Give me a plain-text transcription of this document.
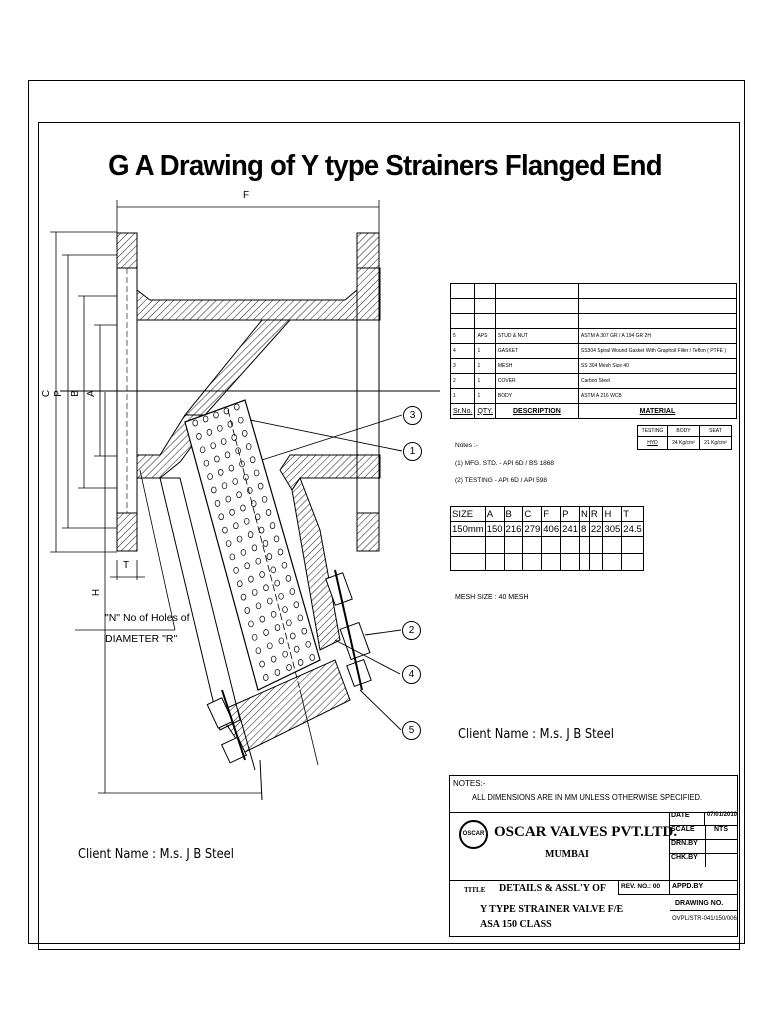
G A Drawing of Y type Strainers Flanged End
F
C P B A
H
T
"N" No of Holes of
DIAMETER "R"
3
1
2
4
5

5	APS	STUD & NUT	ASTM A 307 GR / A 194 GR 2H
4	1	GASKET	SS304 Spiral Wound Gasket With Graphoil Filler / Teflon ( PTFE )
3	1	MESH	SS 304 Mesh Size 40
2	1	COVER	Carbon Steel
1	1	BODY	ASTM A 216 WCB
Sr.No.	QTY.	DESCRIPTION	MATERIAL
TESTING	BODY	SEAT
HYD	24 Kg/cm²	21 Kg/cm²
Notes :-
(1) MFG. STD. - API 6D / BS 1868
(2) TESTING - API 6D / API 598
SIZE	A	B	C	F	P	N	R	H	T
150mm	150	216	279	406	241	8	22	305	24.5

MESH SIZE : 40 MESH
Client Name : M.s. J B Steel
Client Name : M.s. J B Steel
NOTES:-
ALL DIMENSIONS ARE IN MM UNLESS OTHERWISE SPECIFIED.
OSCAR OSCAR VALVES PVT.LTD.
MUMBAI
DATE	07/01/2010
SCALE	NTS
DRN.BY
CHK.BY
TITLE DETAILS & ASSL'Y OF
Y TYPE STRAINER VALVE F/E
ASA 150 CLASS
REV. NO.: 00	APPD.BY
DRAWING NO.
OVPL/STR-041/150/006
